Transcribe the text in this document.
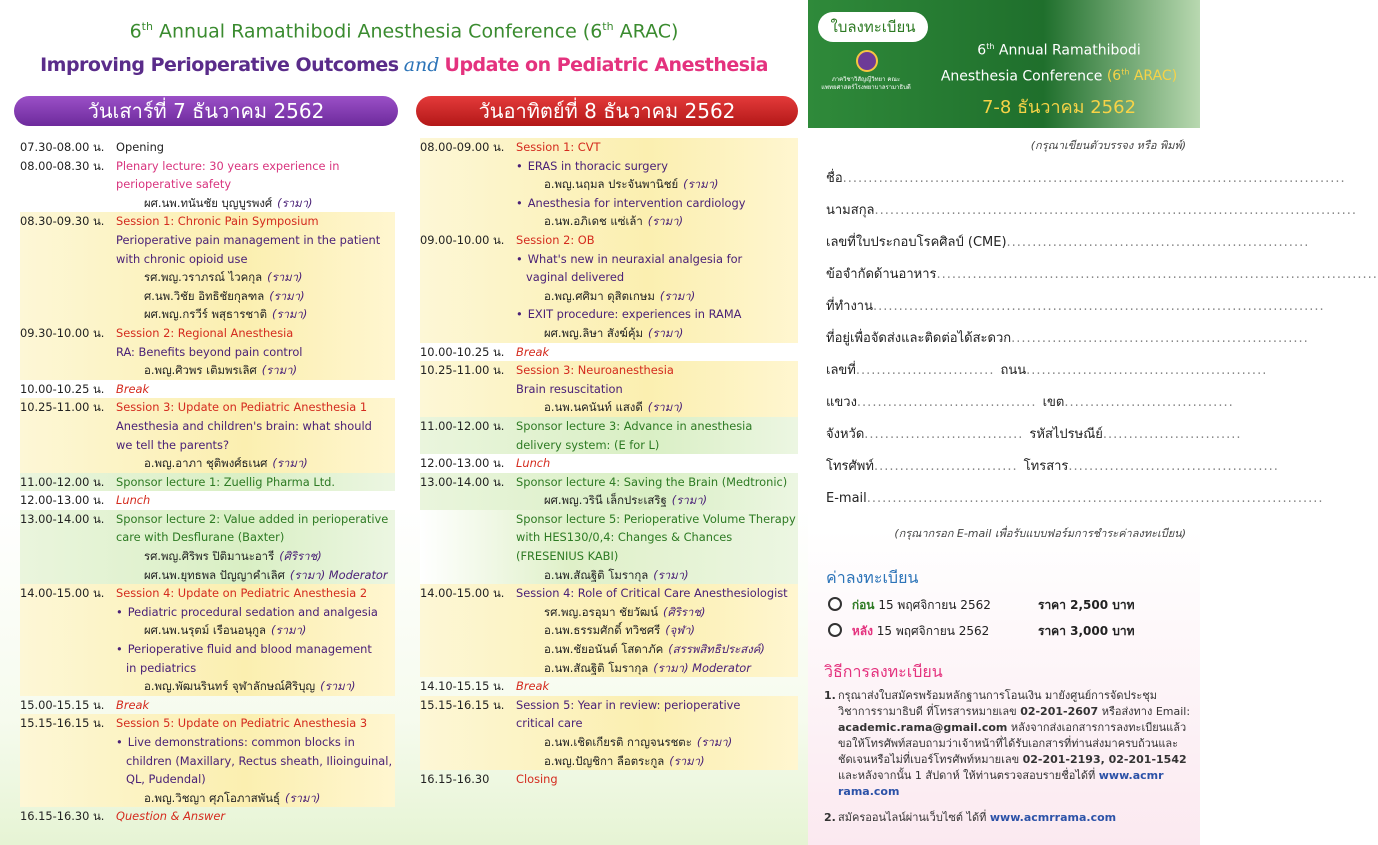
6th Annual Ramathibodi Anesthesia Conference (6th ARAC)
Improving Perioperative Outcomes and Update on Pediatric Anesthesia
วันเสาร์ที่ 7 ธันวาคม 2562	วันอาทิตย์ที่ 8 ธันวาคม 2562
07.30-08.00 น.	Opening
08.00-08.30 น.	Plenary lecture: 30 years experience in
perioperative safety
ผศ.นพ.ทนันชัย บุญบูรพงศ์ (รามา)
08.30-09.30 น.	Session 1: Chronic Pain Symposium
Perioperative pain management in the patient
with chronic opioid use
รศ.พญ.วราภรณ์ ไวคกุล (รามา)
ศ.นพ.วิชัย อิทธิชัยกุลฑล (รามา)
ผศ.พญ.กรวีร์ พสุธารชาติ (รามา)
09.30-10.00 น.	Session 2: Regional Anesthesia
RA: Benefits beyond pain control
อ.พญ.ศิวพร เติมพรเลิศ (รามา)
10.00-10.25 น.	Break
10.25-11.00 น.	Session 3: Update on Pediatric Anesthesia 1
Anesthesia and children's brain: what should
we tell the parents?
อ.พญ.อาภา ชุติพงศ์ธเนศ (รามา)
11.00-12.00 น.	Sponsor lecture 1: Zuellig Pharma Ltd.
12.00-13.00 น.	Lunch
13.00-14.00 น.	Sponsor lecture 2: Value added in perioperative
care with Desflurane (Baxter)
รศ.พญ.ศิริพร ปิติมานะอารี (ศิริราช)
ผศ.นพ.ยุทธพล ปัญญาคำเลิศ (รามา) Moderator
14.00-15.00 น.	Session 4: Update on Pediatric Anesthesia 2
• Pediatric procedural sedation and analgesia
ผศ.นพ.นรุตม์ เรือนอนุกูล (รามา)
• Perioperative fluid and blood management
in pediatrics
อ.พญ.พัฒนรินทร์ จุฬาลักษณ์ศิริบุญ (รามา)
15.00-15.15 น.	Break
15.15-16.15 น.	Session 5: Update on Pediatric Anesthesia 3
• Live demonstrations: common blocks in
children (Maxillary, Rectus sheath, Ilioinguinal,
QL, Pudendal)
อ.พญ.วิชญา ศุภโอภาสพันธุ์ (รามา)
16.15-16.30 น.	Question & Answer
08.00-09.00 น.	Session 1: CVT
• ERAS in thoracic surgery
อ.พญ.นฤมล ประจันพานิชย์ (รามา)
• Anesthesia for intervention cardiology
อ.นพ.อภิเดช แซ่เล้า (รามา)
09.00-10.00 น.	Session 2: OB
• What's new in neuraxial analgesia for
vaginal delivered
อ.พญ.ศศิมา ดุสิตเกษม (รามา)
• EXIT procedure: experiences in RAMA
ผศ.พญ.ลิษา สังฆ์คุ้ม (รามา)
10.00-10.25 น.	Break
10.25-11.00 น.	Session 3: Neuroanesthesia
Brain resuscitation
อ.นพ.นคนันท์ แสงดี (รามา)
11.00-12.00 น.	Sponsor lecture 3: Advance in anesthesia
delivery system: (E for L)
12.00-13.00 น.	Lunch
13.00-14.00 น.	Sponsor lecture 4: Saving the Brain (Medtronic)
ผศ.พญ.วรินี เล็กประเสริฐ (รามา)
Sponsor lecture 5: Perioperative Volume Therapy
with HES130/0,4: Changes & Chances
(FRESENIUS KABI)
อ.นพ.สัณฐิติ โมรากุล (รามา)
14.00-15.00 น.	Session 4: Role of Critical Care Anesthesiologist
รศ.พญ.อรอุมา ชัยวัฒน์ (ศิริราช)
อ.นพ.ธรรมศักดิ์ ทวิชศรี (จุฬา)
อ.นพ.ชัยอนันต์ โสดาภัค (สรรพสิทธิประสงค์)
อ.นพ.สัณฐิติ โมรากุล (รามา) Moderator
14.10-15.15 น.	Break
15.15-16.15 น.	Session 5: Year in review: perioperative
critical care
อ.นพ.เชิดเกียรติ กาญจนรชตะ (รามา)
อ.พญ.ปัญชิกา ลือตระกูล (รามา)
16.15-16.30	Closing
ใบลงทะเบียน
ภาควิชาวิสัญญีวิทยา คณะแพทยศาสตร์โรงพยาบาลรามาธิบดี
6th Annual Ramathibodi
Anesthesia Conference (6th ARAC)
7-8 ธันวาคม 2562
(กรุณาเขียนตัวบรรจง หรือ พิมพ์)
ชื่อ..................................................................................................
นามสกุล..............................................................................................
เลขที่ใบประกอบโรคศิลป์ (CME)...........................................................
ข้อจำกัดด้านอาหาร......................................................................................
ที่ทำงาน........................................................................................
ที่อยู่เพื่อจัดส่งและติดต่อได้สะดวก..........................................................
เลขที่........................... ถนน...............................................
แขวง................................... เขต.................................
จังหวัด............................... รหัสไปรษณีย์...........................
โทรศัพท์............................ โทรสาร.........................................
E-mail.........................................................................................
(กรุณากรอก E-mail เพื่อรับแบบฟอร์มการชำระค่าลงทะเบียน)
ค่าลงทะเบียน
ก่อน 15 พฤศจิกายน 2562	ราคา 2,500 บาท
หลัง 15 พฤศจิกายน 2562	ราคา 3,000 บาท
วิธีการลงทะเบียน
1. กรุณาส่งใบสมัครพร้อมหลักฐานการโอนเงิน มายังศูนย์การจัดประชุม
วิชาการรามาธิบดี ที่โทรสารหมายเลข 02-201-2607 หรือส่งทาง Email:
academic.rama@gmail.com หลังจากส่งเอกสารการลงทะเบียนแล้ว
ขอให้โทรศัพท์สอบถามว่าเจ้าหน้าที่ได้รับเอกสารที่ท่านส่งมาครบถ้วนและ
ชัดเจนหรือไม่ที่เบอร์โทรศัพท์หมายเลข 02-201-2193, 02-201-1542
และหลังจากนั้น 1 สัปดาห์ ให้ท่านตรวจสอบรายชื่อได้ที่ www.acmr
rama.com
2. สมัครออนไลน์ผ่านเว็บไซต์ ได้ที่ www.acmrrama.com
